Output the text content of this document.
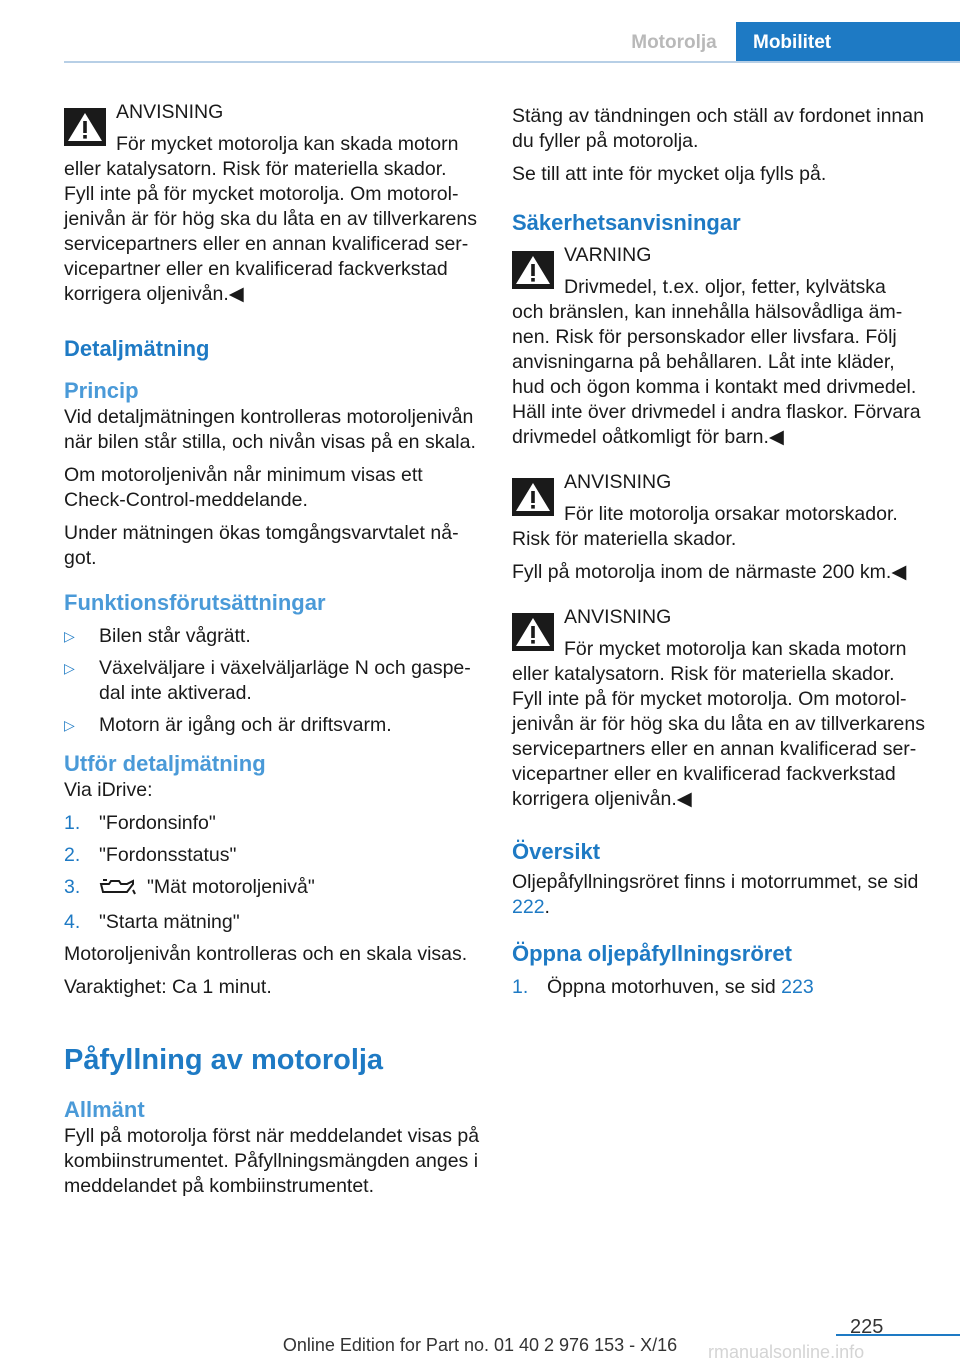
Motorolja	Mobilitet
ANVISNING
För mycket motorolja kan skada motorn
eller katalysatorn. Risk för materiella skador. Fyll inte på för mycket motorolja. Om motoroljenivån är för hög ska du låta en av tillverkarens servicepartners eller en annan kvalificerad servicepartner eller en kvalificerad fackverkstad korrigera oljenivån.◀
Detaljmätning
Princip

Vid detaljmätningen kontrolleras motoroljenivån när bilen står stilla, och nivån visas på en skala.

Om motoroljenivån når minimum visas ett Check-Control-meddelande.

Under mätningen ökas tomgångsvarvtalet något.

Funktionsförutsättningar
▷ Bilen står vågrätt.
▷ Växelväljare i växelväljarläge N och gaspedal inte aktiverad.
▷ Motorn är igång och är driftsvarm.
Utför detaljmätning

Via iDrive:

1. "Fordonsinfo"
2. "Fordonsstatus"
3.	"Mät motoroljenivå"
4. "Starta mätning"

Motoroljenivån kontrolleras och en skala visas.

Varaktighet: Ca 1 minut.

Påfyllning av motorolja
Allmänt

Fyll på motorolja först när meddelandet visas på kombiinstrumentet. Påfyllningsmängden anges i meddelandet på kombiinstrumentet.

Stäng av tändningen och ställ av fordonet innan du fyller på motorolja.

Se till att inte för mycket olja fylls på.

Säkerhetsanvisningar
VARNING
Drivmedel, t.ex. oljor, fetter, kylvätska
och bränslen, kan innehålla hälsovådliga ämnen. Risk för personskador eller livsfara. Följ anvisningarna på behållaren. Låt inte kläder, hud och ögon komma i kontakt med drivmedel. Häll inte över drivmedel i andra flaskor. Förvara drivmedel oåtkomligt för barn.◀
ANVISNING
För lite motorolja orsakar motorskador.
Risk för materiella skador.

Fyll på motorolja inom de närmaste 200 km.◀

ANVISNING
För mycket motorolja kan skada motorn
eller katalysatorn. Risk för materiella skador. Fyll inte på för mycket motorolja. Om motoroljenivån är för hög ska du låta en av tillverkarens servicepartners eller en annan kvalificerad servicepartner eller en kvalificerad fackverkstad korrigera oljenivån.◀
Översikt

Oljepåfyllningsröret finns i motorrummet, se sid 222.

Öppna oljepåfyllningsröret
1. Öppna motorhuven, se sid 223
225
Online Edition for Part no. 01 40 2 976 153 - X/16	rmanualsonline.info
